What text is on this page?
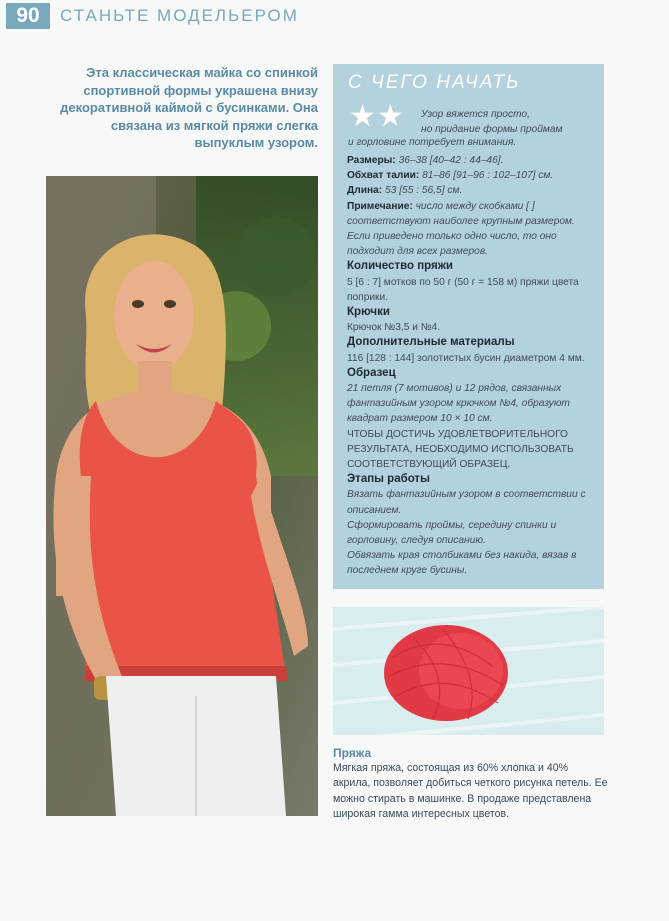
90	СТАНЬТЕ МОДЕЛЬЕРОМ
Эта классическая майка со спинкой спортивной формы украшена внизу декоративной каймой с бусинками. Она связана из мягкой пряжи слегка выпуклым узором.
С ЧЕГО НАЧАТЬ
★★ Узор вяжется просто,
но придание формы проймам
и горловине потребует внимания.

Размеры: 36–38 [40–42 : 44–46].

Обхват талии: 81–86 [91–96 : 102–107] см.

Длина: 53 [55 : 56,5] см.

Примечание: число между скобками [ ] соответствуют наиболее крупным размером. Если приведено только одно число, то оно подходит для всех размеров.

Количество пряжи

5 [6 : 7] мотков по 50 г (50 г = 158 м) пряжи цвета поприки.

Крючки

Крючок №3,5 и №4.

Дополнительные материалы

116 [128 : 144] золотистых бусин диаметром 4 мм.

Образец

21 петля (7 мотивов) и 12 рядов, связанных фантазийным узором крючком №4, образуют квадрат размером 10 × 10 см.

ЧТОБЫ ДОСТИЧЬ УДОВЛЕТВОРИТЕЛЬНОГО РЕЗУЛЬТАТА, НЕОБХОДИМО ИСПОЛЬЗОВАТЬ СООТВЕТСТВУЮЩИЙ ОБРАЗЕЦ.

Этапы работы

Вязать фантазийным узором в соответствии с описанием.

Сформировать проймы, середину спинки и горловину, следуя описанию.

Обвязать края столбиками без накида, вязав в последнем круге бусины.

Пряжа
Мягкая пряжа, состоящая из 60% хлопка и 40% акрила, позволяет добиться четкого рисунка петель. Ее можно стирать в машинке. В продаже представлена широкая гамма интересных цветов.
